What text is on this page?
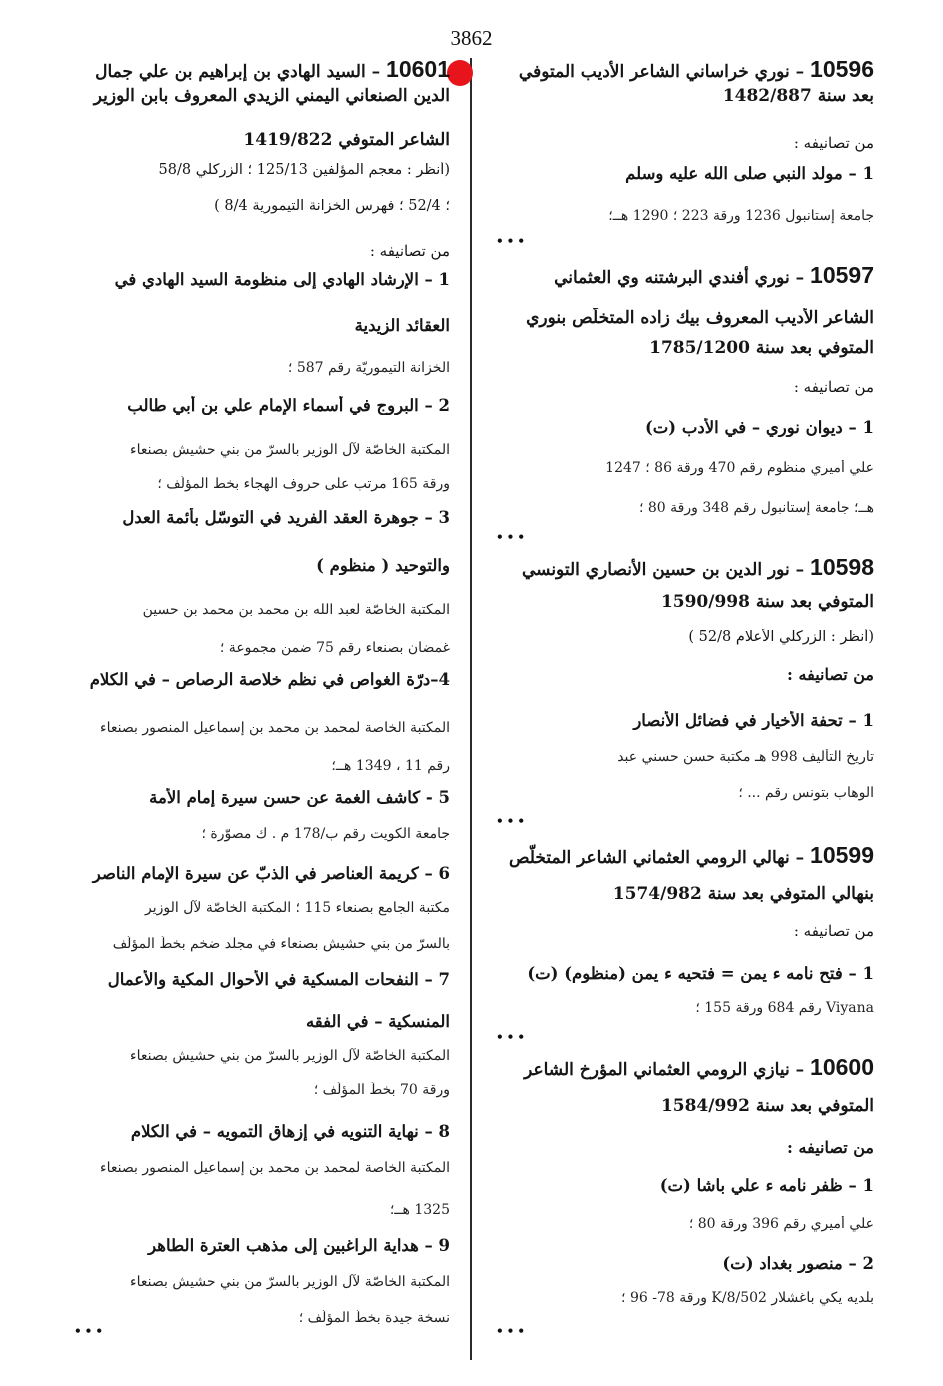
3862
10596 – نوري خراساني الشاعر الأديب المتوفي
بعد سنة 1482/887
من تصانيفه :
1 – مولد النبي صلى الله عليه وسلم
جامعة إستانبول 1236 ورقة 223 ؛ 1290 هــ؛
•••
10597 – نوري أفندي البرشتنه وي العثماني
الشاعر الأديب المعروف بيك زاده المتخلّص بنوري
المتوفي بعد سنة 1785/1200
من تصانيفه :
1 – ديوان نوري – في الأدب (ت)
علي أميري منظوم رقم 470 ورقة 86 ؛ 1247
هــ؛ جامعة إستانبول رقم 348 ورقة 80 ؛
•••
10598 – نور الدين بن حسين الأنصاري التونسي
المتوفي بعد سنة 1590/998
(أنظر : الزركلي الأعلام 52/8 )
من تصانيفه :
1 – تحفة الأخيار في فضائل الأنصار
تاريخ التأليف 998 هـ مكتبة حسن حسني عبد
الوهاب بتونس رقم ... ؛
•••
10599 – نهالي الرومي العثماني الشاعر المتخلّص
بنهالي المتوفي بعد سنة 1574/982
من تصانيفه :
1 – فتح نامه ء يمن = فتحيه ء يمن (منظوم) (ت)
Viyana رقم 684 ورقة 155 ؛
•••
10600 – نيازي الرومي العثماني المؤرخ الشاعر
المتوفي بعد سنة 1584/992
من تصانيفه :
1 – ظفر نامه ء علي باشا (ت)
علي أميري رقم 396 ورقة 80 ؛
2 – منصور بغداد (ت)
بلديه يكي باغشلار 8/502/K ورقة 78- 96 ؛
•••
10601 – السيد الهادي بن إبراهيم بن علي جمال
الدين الصنعاني اليمني الزيدي المعروف بابن الوزير
الشاعر المتوفي 1419/822
(أنظر : معجم المؤلفين 125/13 ؛ الزركلي 58/8
؛ 52/4 ؛ فهرس الخزانة التيمورية 8/4 )
من تصانيفه :
1 – الإرشاد الهادي إلى منظومة السيد الهادي في
العقائد الزيدية
الخزانة التيموريّة رقم 587 ؛
2 – البروج في أسماء الإمام علي بن أبي طالب
المكتبة الخاصّة لآل الوزير بالسرّ من بني حشيش بصنعاء
ورقة 165 مرتب على حروف الهجاء بخط المؤلّف ؛
3 – جوهرة العقد الفريد في التوسّل بأئمة العدل
والتوحيد ( منظوم )
المكتبة الخاصّة لعبد الله بن محمد بن محمد بن حسين
غمضان بصنعاء رقم 75 ضمن مجموعة ؛
4–درّة الغواص في نظم خلاصة الرصاص – في الكلام
المكتبة الخاصة لمحمد بن محمد بن إسماعيل المنصور بصنعاء
رقم 11 ، 1349 هــ؛
5 - كاشف الغمة عن حسن سيرة إمام الأمة
جامعة الكويت رقم ب/178 م . ك مصوّرة ؛
6 – كريمة العناصر في الذبّ عن سيرة الإمام الناصر
مكتبة الجامع بصنعاء 115 ؛ المكتبة الخاصّة لآل الوزير
بالسرّ من بني حشيش بصنعاء في مجلد ضخم بخطّ المؤلّف
7 – النفحات المسكية في الأحوال المكية والأعمال
المنسكية – في الفقه
المكتبة الخاصّة لآل الوزير بالسرّ من بني حشيش بصنعاء
ورقة 70 بخطّ المؤلّف ؛
8 – نهاية التنويه في إزهاق التمويه – في الكلام
المكتبة الخاصة لمحمد بن محمد بن إسماعيل المنصور بصنعاء
1325 هــ؛
9 – هداية الراغبين إلى مذهب العترة الطاهر
المكتبة الخاصّة لآل الوزير بالسرّ من بني حشيش بصنعاء
نسخة جيدة بخطّ المؤلّف ؛
•••
